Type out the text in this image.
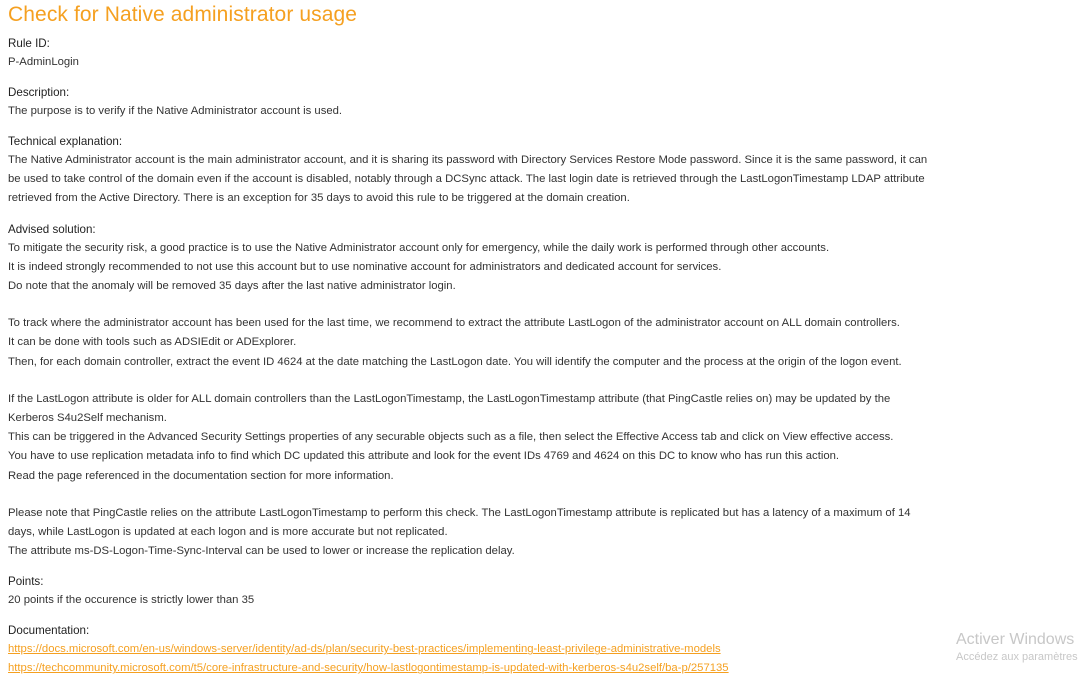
Check for Native administrator usage
Rule ID:
P-AdminLogin
Description:
The purpose is to verify if the Native Administrator account is used.
Technical explanation:

The Native Administrator account is the main administrator account, and it is sharing its password with Directory Services Restore Mode password. Since it is the same password, it can

be used to take control of the domain even if the account is disabled, notably through a DCSync attack. The last login date is retrieved through the LastLogonTimestamp LDAP attribute

retrieved from the Active Directory. There is an exception for 35 days to avoid this rule to be triggered at the domain creation.

Advised solution:

To mitigate the security risk, a good practice is to use the Native Administrator account only for emergency, while the daily work is performed through other accounts.

It is indeed strongly recommended to not use this account but to use nominative account for administrators and dedicated account for services.

Do note that the anomaly will be removed 35 days after the last native administrator login.

To track where the administrator account has been used for the last time, we recommend to extract the attribute LastLogon of the administrator account on ALL domain controllers.

It can be done with tools such as ADSIEdit or ADExplorer.

Then, for each domain controller, extract the event ID 4624 at the date matching the LastLogon date. You will identify the computer and the process at the origin of the logon event.

If the LastLogon attribute is older for ALL domain controllers than the LastLogonTimestamp, the LastLogonTimestamp attribute (that PingCastle relies on) may be updated by the

Kerberos S4u2Self mechanism.

This can be triggered in the Advanced Security Settings properties of any securable objects such as a file, then select the Effective Access tab and click on View effective access.

You have to use replication metadata info to find which DC updated this attribute and look for the event IDs 4769 and 4624 on this DC to know who has run this action.

Read the page referenced in the documentation section for more information.

Please note that PingCastle relies on the attribute LastLogonTimestamp to perform this check. The LastLogonTimestamp attribute is replicated but has a latency of a maximum of 14

days, while LastLogon is updated at each logon and is more accurate but not replicated.

The attribute ms-DS-Logon-Time-Sync-Interval can be used to lower or increase the replication delay.

Points:
20 points if the occurence is strictly lower than 35
Documentation:
https://docs.microsoft.com/en-us/windows-server/identity/ad-ds/plan/security-best-practices/implementing-least-privilege-administrative-models
https://techcommunity.microsoft.com/t5/core-infrastructure-and-security/how-lastlogontimestamp-is-updated-with-kerberos-s4u2self/ba-p/257135
Activer Windows
Accédez aux paramètres
